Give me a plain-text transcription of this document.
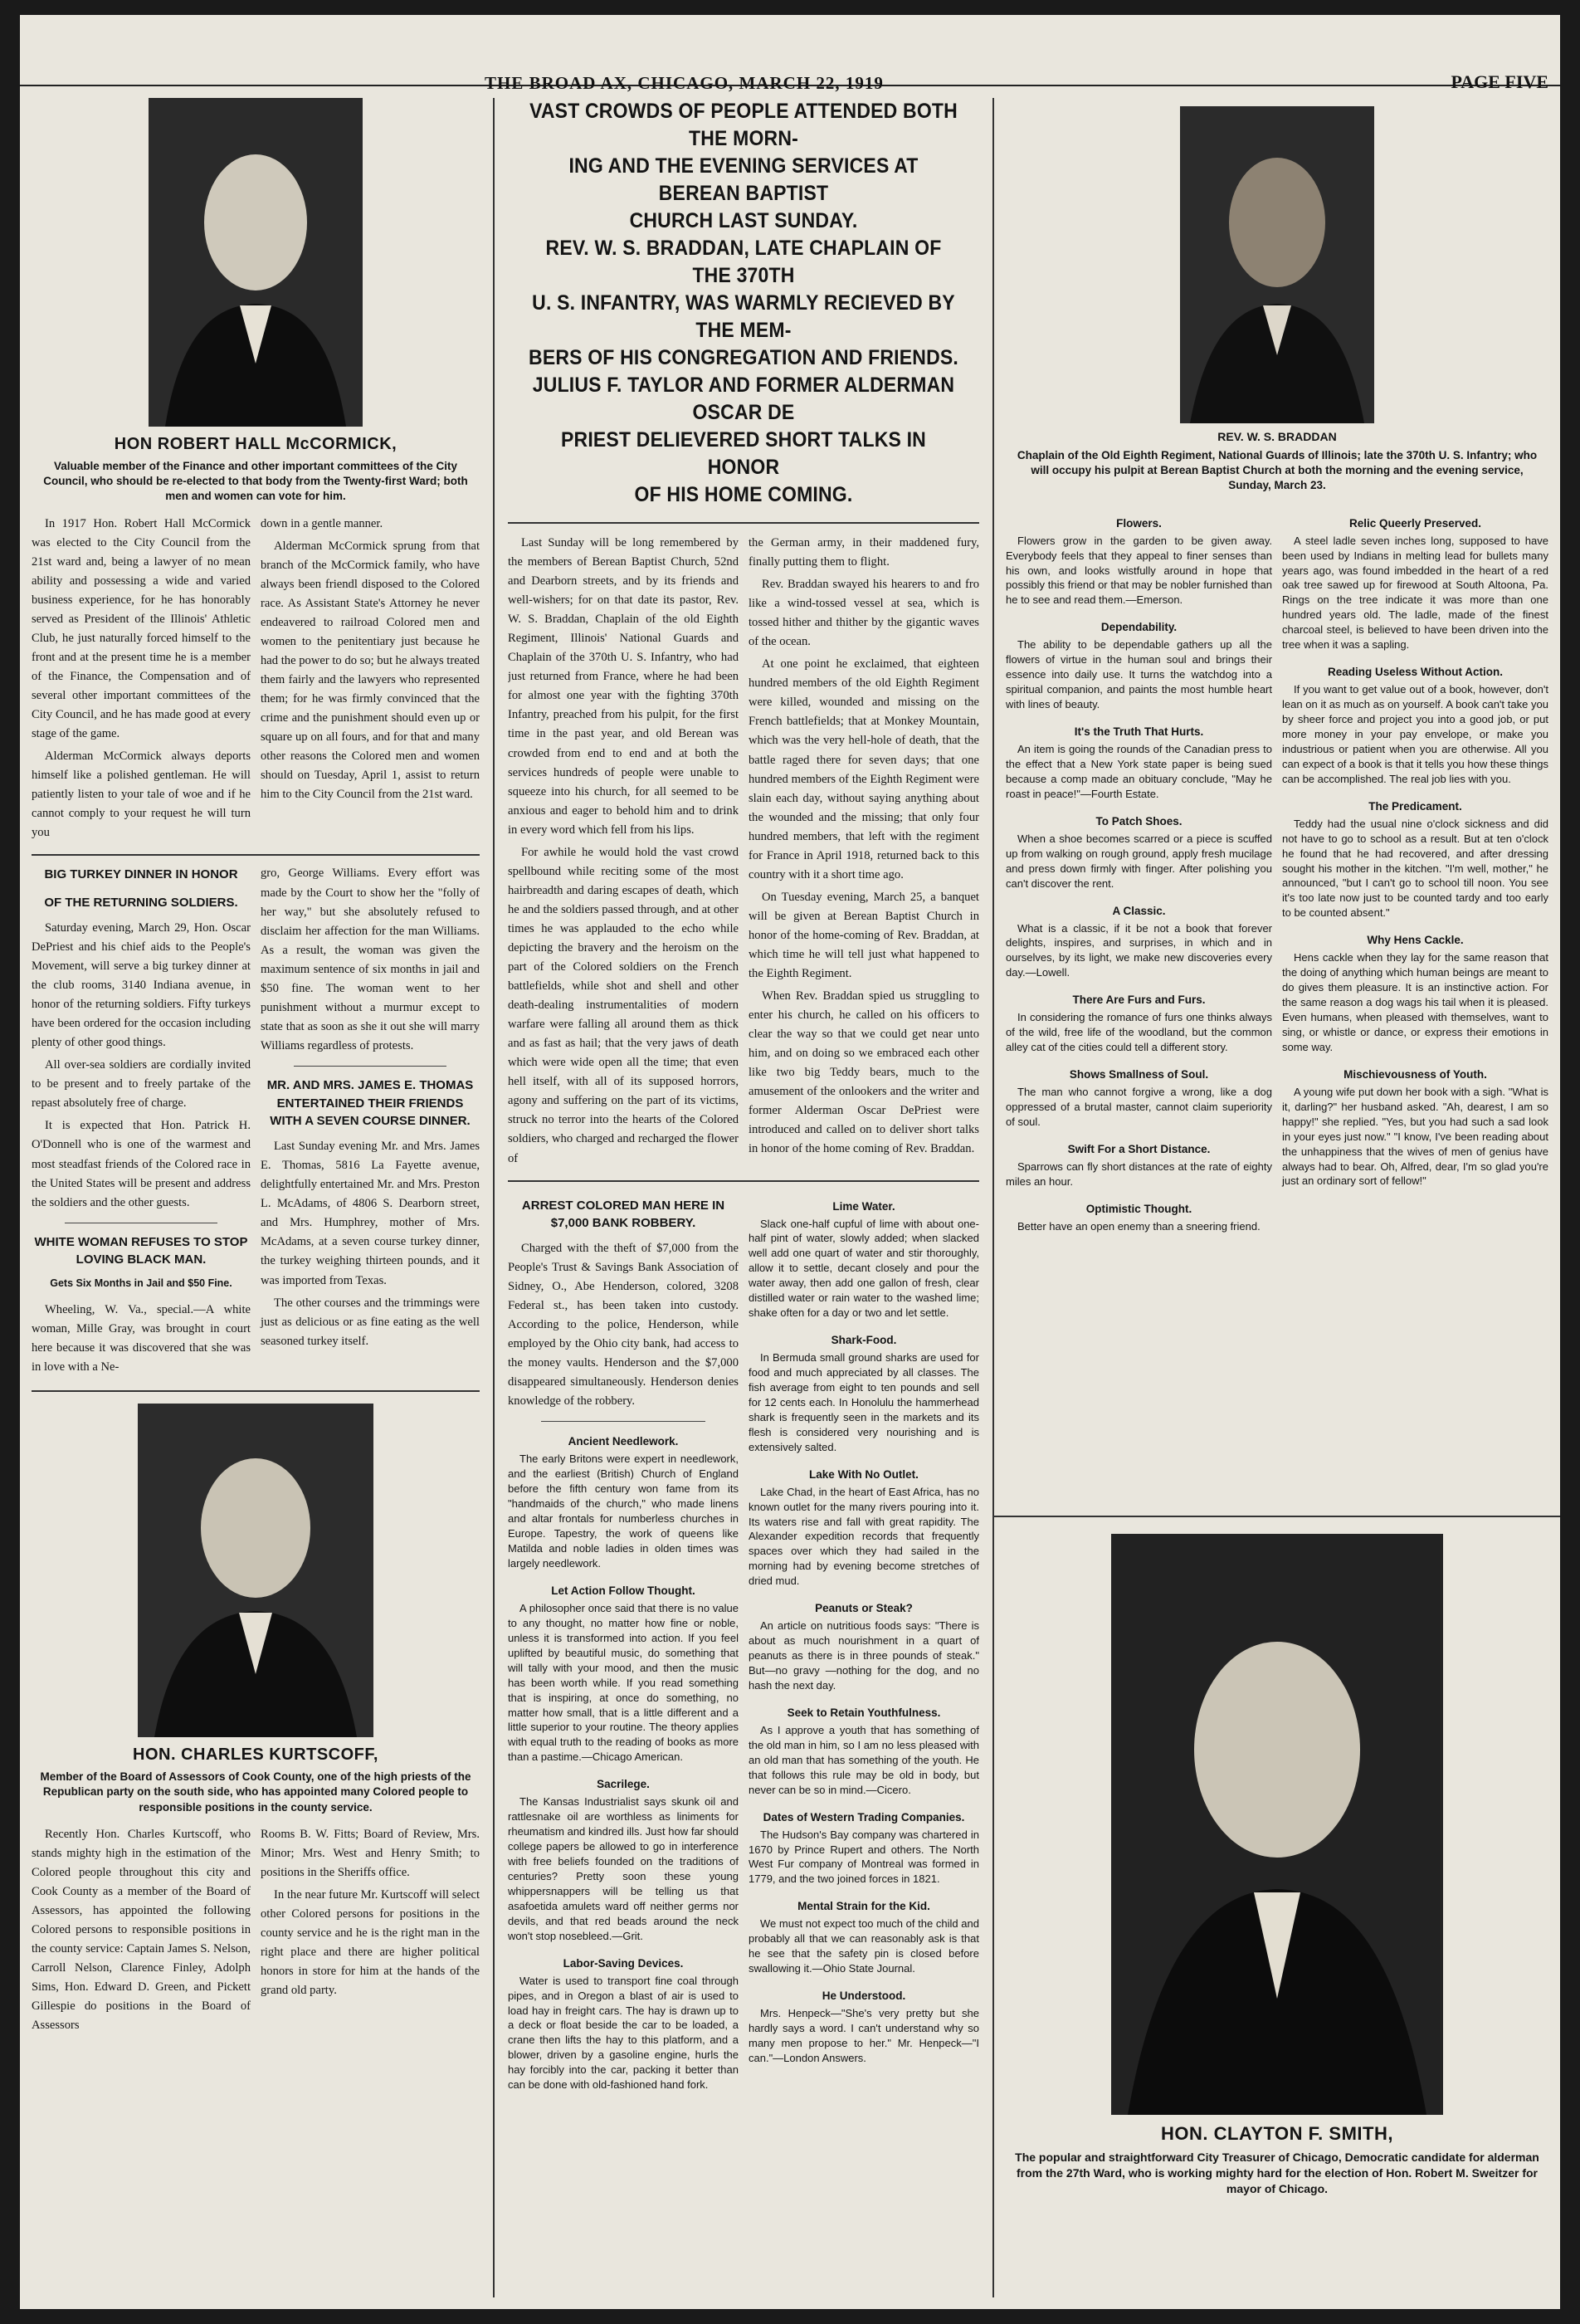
THE BROAD AX, CHICAGO, MARCH 22, 1919	PAGE FIVE
HON ROBERT HALL McCORMICK,
Valuable member of the Finance and other important committees of the City Council, who should be re-elected to that body from the Twenty-first Ward; both men and women can vote for him.

In 1917 Hon. Robert Hall McCormick was elected to the City Council from the 21st ward and, being a lawyer of no mean ability and possessing a wide and varied business experience, for he has honorably served as President of the Illinois' Athletic Club, he just naturally forced himself to the front and at the present time he is a member of the Finance, the Compensation and of several other important committees of the City Council, and he has made good at every stage of the game.

Alderman McCormick always deports himself like a polished gentleman. He will patiently listen to your tale of woe and if he cannot comply to your request he will turn you

down in a gentle manner.

Alderman McCormick sprung from that branch of the McCormick family, who have always been friendl disposed to the Colored race. As Assistant State's Attorney he never endeavered to railroad Colored men and women to the penitentiary just because he had the power to do so; but he always treated them fairly and the lawyers who represented them; for he was firmly convinced that the crime and the punishment should even up or square up on all fours, and for that and many other reasons the Colored men and women should on Tuesday, April 1, assist to return him to the City Council from the 21st ward.

BIG TURKEY DINNER IN HONOR
OF THE RETURNING SOLDIERS.

Saturday evening, March 29, Hon. Oscar DePriest and his chief aids to the People's Movement, will serve a big turkey dinner at the club rooms, 3140 Indiana avenue, in honor of the returning soldiers. Fifty turkeys have been ordered for the occasion including plenty of other good things.

All over-sea soldiers are cordially invited to be present and to freely partake of the repast absolutely free of charge.

It is expected that Hon. Patrick H. O'Donnell who is one of the warmest and most steadfast friends of the Colored race in the United States will be present and address the soldiers and the other guests.

WHITE WOMAN REFUSES TO STOP LOVING BLACK MAN.
Gets Six Months in Jail and $50 Fine.

Wheeling, W. Va., special.—A white woman, Mille Gray, was brought in court here because it was discovered that she was in love with a Ne-

gro, George Williams. Every effort was made by the Court to show her the "folly of her way," but she absolutely refused to disclaim her affection for the man Williams. As a result, the woman was given the maximum sentence of six months in jail and $50 fine. The woman went to her punishment without a murmur except to state that as soon as she it out she will marry Williams regardless of protests.

MR. AND MRS. JAMES E. THOMAS ENTERTAINED THEIR FRIENDS WITH A SEVEN COURSE DINNER.

Last Sunday evening Mr. and Mrs. James E. Thomas, 5816 La Fayette avenue, delightfully entertained Mr. and Mrs. Preston L. McAdams, of 4806 S. Dearborn street, and Mrs. Humphrey, mother of Mrs. McAdams, at a seven course turkey dinner, the turkey weighing thirteen pounds, and it was imported from Texas.

The other courses and the trimmings were just as delicious or as fine eating as the well seasoned turkey itself.

HON. CHARLES KURTSCOFF,
Member of the Board of Assessors of Cook County, one of the high priests of the Republican party on the south side, who has appointed many Colored people to responsible positions in the county service.

Recently Hon. Charles Kurtscoff, who stands mighty high in the estimation of the Colored people throughout this city and Cook County as a member of the Board of Assessors, has appointed the following Colored persons to responsible positions in the county service: Captain James S. Nelson, Carroll Nelson, Clarence Finley, Adolph Sims, Hon. Edward D. Green, and Pickett Gillespie do positions in the Board of Assessors

Rooms B. W. Fitts; Board of Review, Mrs. Minor; Mrs. West and Henry Smith; to positions in the Sheriffs office.

In the near future Mr. Kurtscoff will select other Colored persons for positions in the county service and he is the right man in the right place and there are higher political honors in store for him at the hands of the grand old party.

VAST CROWDS OF PEOPLE ATTENDED BOTH THE MORN-
ING AND THE EVENING SERVICES AT BEREAN BAPTIST
CHURCH LAST SUNDAY.
REV. W. S. BRADDAN, LATE CHAPLAIN OF THE 370TH
U. S. INFANTRY, WAS WARMLY RECIEVED BY THE MEM-
BERS OF HIS CONGREGATION AND FRIENDS.
JULIUS F. TAYLOR AND FORMER ALDERMAN OSCAR DE
PRIEST DELIEVERED SHORT TALKS IN HONOR
OF HIS HOME COMING.

Last Sunday will be long remembered by the members of Berean Baptist Church, 52nd and Dearborn streets, and by its friends and well-wishers; for on that date its pastor, Rev. W. S. Braddan, Chaplain of the old Eighth Regiment, Illinois' National Guards and Chaplain of the 370th U. S. Infantry, who had just returned from France, where he had been for almost one year with the fighting 370th Infantry, preached from his pulpit, for the first time in the past year, and old Berean was crowded from end to end and at both the services hundreds of people were unable to squeeze into his church, for all seemed to be anxious and eager to behold him and to drink in every word which fell from his lips.

For awhile he would hold the vast crowd spellbound while reciting some of the most hairbreadth and daring escapes of death, which he and the soldiers passed through, and at other times he was applauded to the echo while depicting the bravery and the heroism on the part of the Colored soldiers on the French battlefields, while shot and shell and other death-dealing instrumentalities of modern warfare were falling all around them as thick and as fast as hail; that the very jaws of death which were wide open all the time; that even hell itself, with all of its supposed horrors, agony and suffering on the part of its victims, struck no terror into the hearts of the Colored soldiers, who charged and recharged the flower of

the German army, in their maddened fury, finally putting them to flight.

Rev. Braddan swayed his hearers to and fro like a wind-tossed vessel at sea, which is tossed hither and thither by the gigantic waves of the ocean.

At one point he exclaimed, that eighteen hundred members of the old Eighth Regiment were killed, wounded and missing on the French battlefields; that at Monkey Mountain, which was the very hell-hole of death, that the battle raged there for seven days; that one hundred members of the Eighth Regiment were slain each day, without saying anything about the wounded and the missing; that only four hundred members, that left with the regiment for France in April 1918, returned back to this country with it a short time ago.

On Tuesday evening, March 25, a banquet will be given at Berean Baptist Church in honor of the home-coming of Rev. Braddan, at which time he will tell just what happened to the Eighth Regiment.

When Rev. Braddan spied us struggling to enter his church, he called on his officers to clear the way so that we could get near unto him, and on doing so we embraced each other like two big Teddy bears, much to the amusement of the onlookers and the writer and former Alderman Oscar DePriest were introduced and called on to deliver short talks in honor of the home coming of Rev. Braddan.

ARREST COLORED MAN HERE IN $7,000 BANK ROBBERY.

Charged with the theft of $7,000 from the People's Trust & Savings Bank Association of Sidney, O., Abe Henderson, colored, 3208 Federal st., has been taken into custody. According to the police, Henderson, while employed by the Ohio city bank, had access to the money vaults. Henderson and the $7,000 disappeared simultaneously. Henderson denies knowledge of the robbery.

Ancient Needlework.

The early Britons were expert in needlework, and the earliest (British) Church of England before the fifth century won fame from its "handmaids of the church," who made linens and altar frontals for numberless churches in Europe. Tapestry, the work of queens like Matilda and noble ladies in olden times was largely needlework.

Let Action Follow Thought.

A philosopher once said that there is no value to any thought, no matter how fine or noble, unless it is transformed into action. If you feel uplifted by beautiful music, do something that will tally with your mood, and then the music has been worth while. If you read something that is inspiring, at once do something, no matter how small, that is a little different and a little superior to your routine. The theory applies with equal truth to the reading of books as more than a pastime.—Chicago American.

Sacrilege.

The Kansas Industrialist says skunk oil and rattlesnake oil are worthless as liniments for rheumatism and kindred ills. Just how far should college papers be allowed to go in interference with free beliefs founded on the traditions of centuries? Pretty soon these young whippersnappers will be telling us that asafoetida amulets ward off neither germs nor devils, and that red beads around the neck won't stop nosebleed.—Grit.

Labor-Saving Devices.

Water is used to transport fine coal through pipes, and in Oregon a blast of air is used to load hay in freight cars. The hay is drawn up to a deck or float beside the car to be loaded, a crane then lifts the hay to this platform, and a blower, driven by a gasoline engine, hurls the hay forcibly into the car, packing it better than can be done with old-fashioned hand fork.

Lime Water.

Slack one-half cupful of lime with about one-half pint of water, slowly added; when slacked well add one quart of water and stir thoroughly, allow it to settle, decant closely and pour the water away, then add one gallon of fresh, clear distilled water or rain water to the washed lime; shake often for a day or two and let settle.

Shark-Food.

In Bermuda small ground sharks are used for food and much appreciated by all classes. The fish average from eight to ten pounds and sell for 12 cents each. In Honolulu the hammerhead shark is frequently seen in the markets and its flesh is considered very nourishing and is extensively salted.

Lake With No Outlet.

Lake Chad, in the heart of East Africa, has no known outlet for the many rivers pouring into it. Its waters rise and fall with great rapidity. The Alexander expedition records that frequently spaces over which they had sailed in the morning had by evening become stretches of dried mud.

Peanuts or Steak?

An article on nutritious foods says: "There is about as much nourishment in a quart of peanuts as there is in three pounds of steak." But—no gravy —nothing for the dog, and no hash the next day.

Seek to Retain Youthfulness.

As I approve a youth that has something of the old man in him, so I am no less pleased with an old man that has something of the youth. He that follows this rule may be old in body, but never can be so in mind.—Cicero.

Dates of Western Trading Companies.

The Hudson's Bay company was chartered in 1670 by Prince Rupert and others. The North West Fur company of Montreal was formed in 1779, and the two joined forces in 1821.

Mental Strain for the Kid.

We must not expect too much of the child and probably all that we can reasonably ask is that he see that the safety pin is closed before swallowing it.—Ohio State Journal.

He Understood.

Mrs. Henpeck—"She's very pretty but she hardly says a word. I can't understand why so many men propose to her." Mr. Henpeck—"I can."—London Answers.

REV. W. S. BRADDAN
Chaplain of the Old Eighth Regiment, National Guards of Illinois; late the 370th U. S. Infantry; who will occupy his pulpit at Berean Baptist Church at both the morning and the evening service, Sunday, March 23.
Flowers.

Flowers grow in the garden to be given away. Everybody feels that they appeal to finer senses than his own, and looks wistfully around in hope that possibly this friend or that may be nobler furnished than he to see and read them.—Emerson.

Dependability.

The ability to be dependable gathers up all the flowers of virtue in the human soul and brings their essence into daily use. It turns the watchdog into a spiritual companion, and paints the most humble heart with lines of beauty.

It's the Truth That Hurts.

An item is going the rounds of the Canadian press to the effect that a New York state paper is being sued because a comp made an obituary conclude, "May he roast in peace!"—Fourth Estate.

To Patch Shoes.

When a shoe becomes scarred or a piece is scuffed up from walking on rough ground, apply fresh mucilage and press down firmly with finger. After polishing you can't discover the rent.

A Classic.

What is a classic, if it be not a book that forever delights, inspires, and surprises, in which and in ourselves, by its light, we make new discoveries every day.—Lowell.

There Are Furs and Furs.

In considering the romance of furs one thinks always of the wild, free life of the woodland, but the common alley cat of the cities could tell a different story.

Shows Smallness of Soul.

The man who cannot forgive a wrong, like a dog oppressed of a brutal master, cannot claim superiority of soul.

Swift For a Short Distance.

Sparrows can fly short distances at the rate of eighty miles an hour.

Optimistic Thought.

Better have an open enemy than a sneering friend.

Relic Queerly Preserved.

A steel ladle seven inches long, supposed to have been used by Indians in melting lead for bullets many years ago, was found imbedded in the heart of a red oak tree sawed up for firewood at South Altoona, Pa. Rings on the tree indicate it was more than one hundred years old. The ladle, made of the finest charcoal steel, is believed to have been driven into the tree when it was a sapling.

Reading Useless Without Action.

If you want to get value out of a book, however, don't lean on it as much as on yourself. A book can't take you by sheer force and project you into a good job, or put more money in your pay envelope, or make you industrious or patient when you are otherwise. All you can expect of a book is that it tells you how these things can be accomplished. The real job lies with you.

The Predicament.

Teddy had the usual nine o'clock sickness and did not have to go to school as a result. But at ten o'clock he found that he had recovered, and after dressing sought his mother in the kitchen. "I'm well, mother," he announced, "but I can't go to school till noon. You see it's too late now just to be counted tardy and too early to be counted absent."

Why Hens Cackle.

Hens cackle when they lay for the same reason that the doing of anything which human beings are meant to do gives them pleasure. It is an instinctive action. For the same reason a dog wags his tail when it is pleased. Even humans, when pleased with themselves, want to sing, or whistle or dance, or express their emotions in some way.

Mischievousness of Youth.

A young wife put down her book with a sigh. "What is it, darling?" her husband asked. "Ah, dearest, I am so happy!" she replied. "Yes, but you had such a sad look in your eyes just now." "I know, I've been reading about the unhappiness that the wives of men of genius have always had to bear. Oh, Alfred, dear, I'm so glad you're just an ordinary sort of fellow!"

HON. CLAYTON F. SMITH,
The popular and straightforward City Treasurer of Chicago, Democratic candidate for alderman from the 27th Ward, who is working mighty hard for the election of Hon. Robert M. Sweitzer for mayor of Chicago.
